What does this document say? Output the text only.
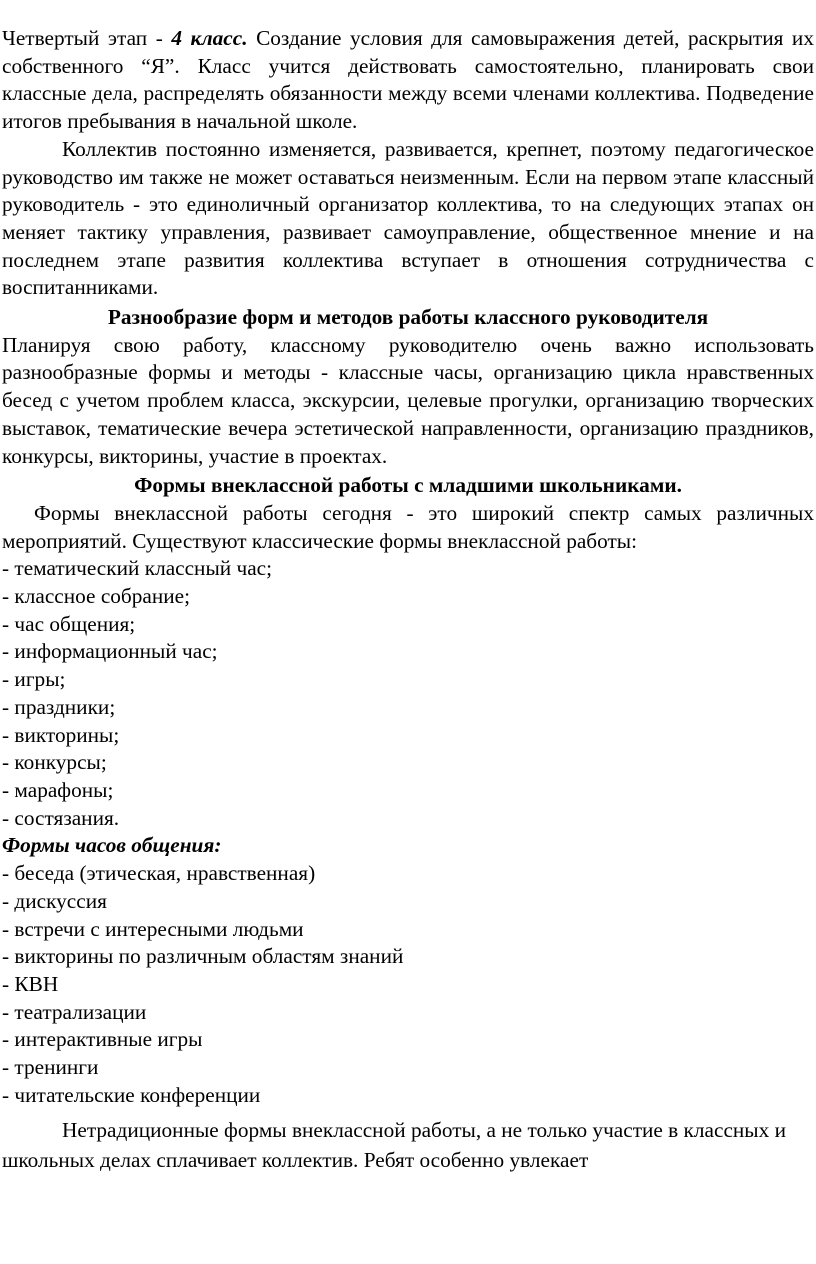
Четвертый этап - 4 класс. Создание условия для самовыражения детей, раскрытия их собственного “Я”. Класс учится действовать самостоятельно, планировать свои классные дела, распределять обязанности между всеми членами коллектива. Подведение итогов пребывания в начальной школе.

Коллектив постоянно изменяется, развивается, крепнет, поэтому педагогическое руководство им также не может оставаться неизменным. Если на первом этапе классный руководитель - это единоличный организатор коллектива, то на следующих этапах он меняет тактику управления, развивает самоуправление, общественное мнение и на последнем этапе развития коллектива вступает в отношения сотрудничества с воспитанниками.

Разнообразие форм и методов работы классного руководителя

Планируя свою работу, классному руководителю очень важно использовать разнообразные формы и методы - классные часы, организацию цикла нравственных бесед с учетом проблем класса, экскурсии, целевые прогулки, организацию творческих выставок, тематические вечера эстетической направленности, организацию праздников, конкурсы, викторины, участие в проектах.

Формы внеклассной работы с младшими школьниками.

Формы внеклассной работы сегодня - это широкий спектр самых различных мероприятий. Существуют классические формы внеклассной работы:

- тематический классный час;
- классное собрание;
- час общения;
- информационный час;
- игры;
- праздники;
- викторины;
- конкурсы;
- марафоны;
- состязания.

Формы часов общения:

- беседа (этическая, нравственная)
- дискуссия
- встречи с интересными людьми
- викторины по различным областям знаний
- КВН
- театрализации
- интерактивные игры
- тренинги
- читательские конференции

Нетрадиционные формы внеклассной работы, а не только участие в классных и школьных делах сплачивает коллектив. Ребят особенно увлекает
